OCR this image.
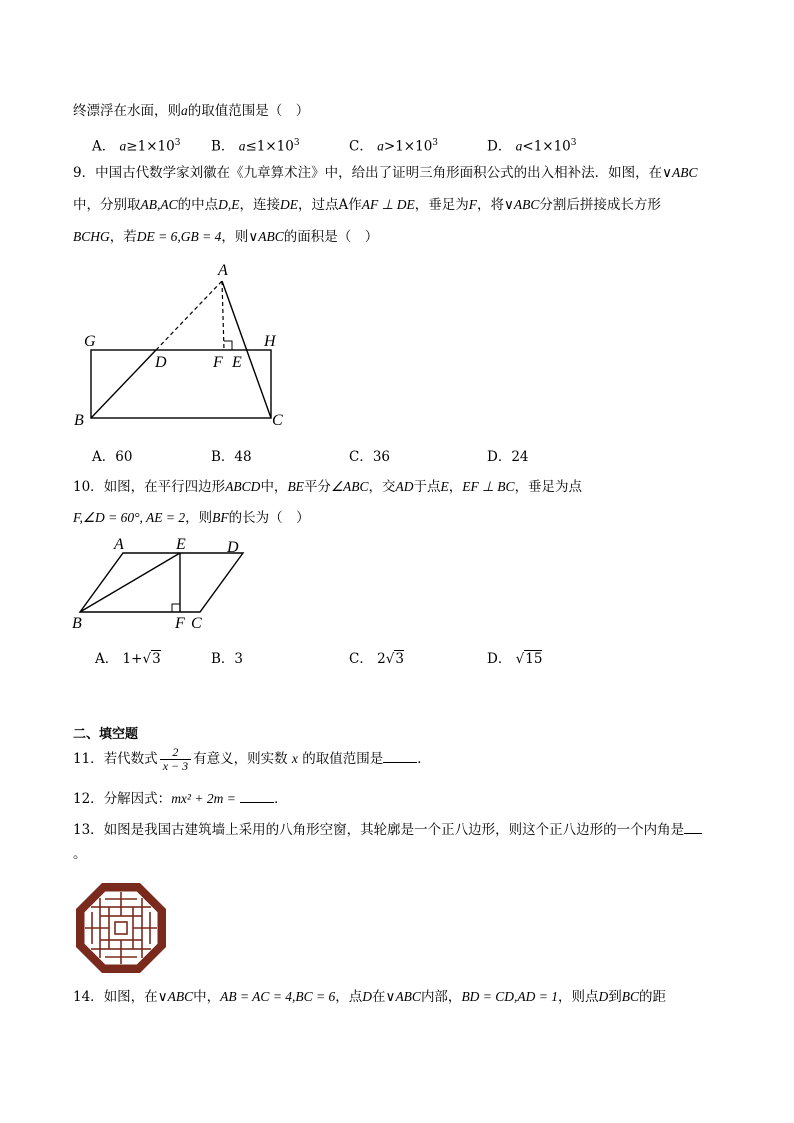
终漂浮在水面，则a的取值范围是（　）
A． $a\ge 1\times 10^3$ B． $a\le 1\times 10^3$	C． $a>1\times 10^3$	D． $a<1\times 10^3$
9．中国古代数学家刘徽在《九章算术注》中，给出了证明三角形面积公式的出入相补法．如图，在∨ABC
中，分别取AB,AC的中点D,E，连接DE，过点A作AF ⊥ DE，垂足为F，将∨ABC分割后拼接成长方形
BCHG，若DE = 6,GB = 4，则∨ABC的面积是（　）
A
G	H
D	F E
B	C
A．60	B．48	C．36	D．24
10．如图，在平行四边形ABCD中，BE平分∠ABC，交AD于点E，EF ⊥ BC，垂足为点
F,∠D = 60°, AE = 2，则BF的长为（　）
A	E	D
B	F C
A． 1+√3	B．3	C． 2√3	D． √15
二、填空题
11．若代数式 $\frac{2}{x - 3}$ 有意义，则实数 x 的取值范围是	．
12．分解因式：mx² + 2m =	．
13．如图是我国古建筑墙上采用的八角形空窗，其轮廓是一个正八边形，则这个正八边形的一个内角是
。
14．如图，在∨ABC中，AB = AC = 4,BC = 6，点D在∨ABC内部，BD = CD,AD = 1，则点D到BC的距
